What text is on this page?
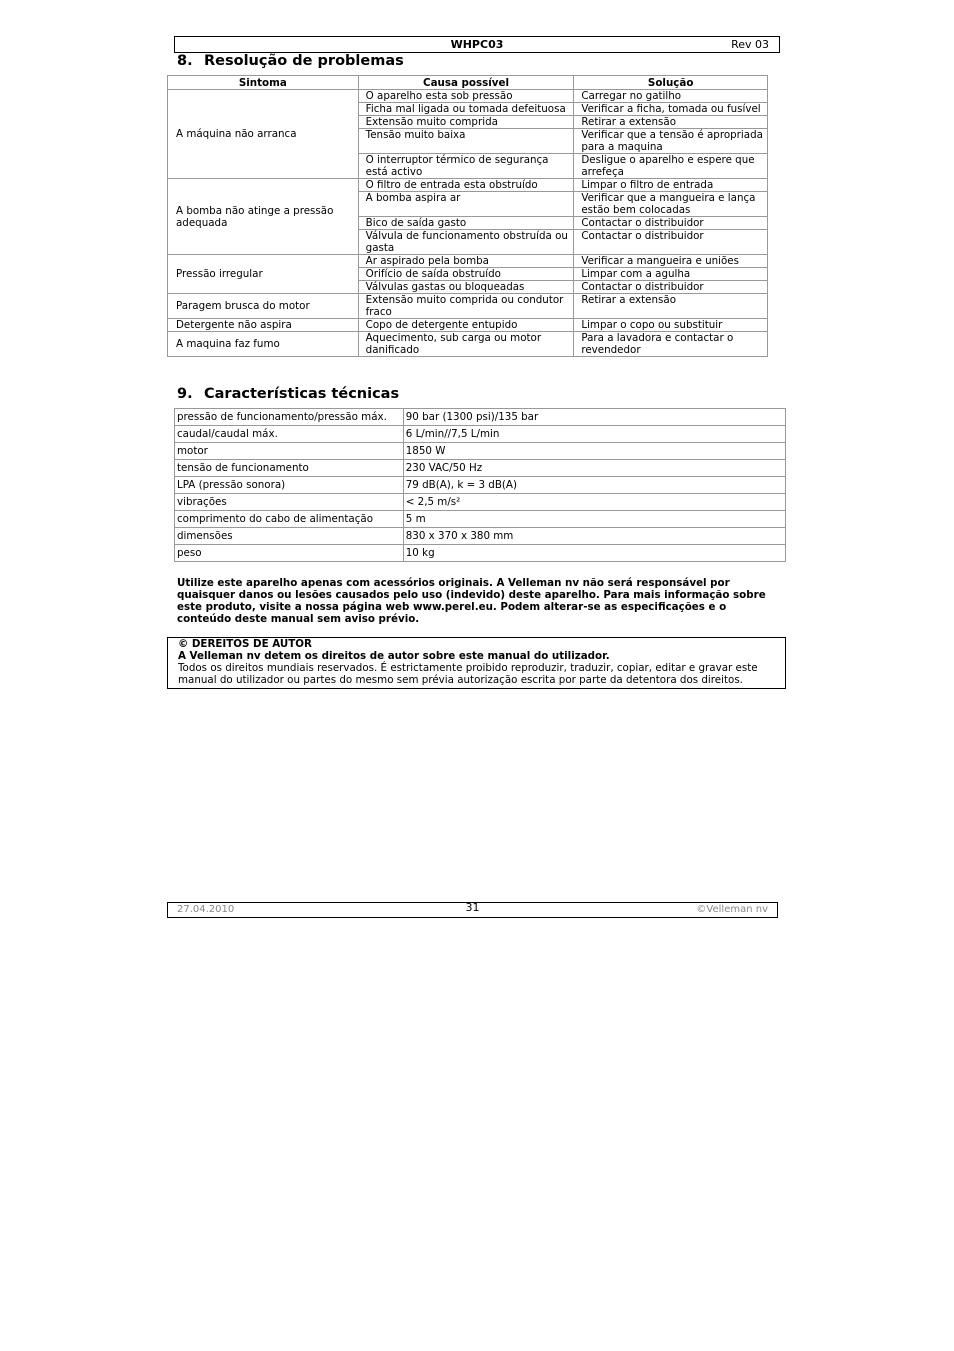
WHPC03	Rev 03
8. Resolução de problemas
Sintoma	Causa possível	Solução
A máquina não arranca	O aparelho esta sob pressão	Carregar no gatilho
	Ficha mal ligada ou tomada defeituosa	Verificar a ficha, tomada ou fusível
	Extensão muito comprida	Retirar a extensão
	Tensão muito baixa	Verificar que a tensão é apropriada para a maquina
	O interruptor térmico de segurança está activo	Desligue o aparelho e espere que arrefeça
A bomba não atinge a pressão adequada	O filtro de entrada esta obstruído	Limpar o filtro de entrada
	A bomba aspira ar	Verificar que a mangueira e lança estão bem colocadas
	Bico de saída gasto	Contactar o distribuidor
	Válvula de funcionamento obstruída ou gasta	Contactar o distribuidor
Pressão irregular	Ar aspirado pela bomba	Verificar a mangueira e uniões
	Orifício de saída obstruído	Limpar com a agulha
	Válvulas gastas ou bloqueadas	Contactar o distribuidor
Paragem brusca do motor	Extensão muito comprida ou condutor fraco	Retirar a extensão
Detergente não aspira	Copo de detergente entupido	Limpar o copo ou substituir
A maquina faz fumo	Aquecimento, sub carga ou motor danificado	Para a lavadora e contactar o revendedor
9. Características técnicas
pressão de funcionamento/pressão máx.	90 bar (1300 psi)/135 bar
caudal/caudal máx.	6 L/min//7,5 L/min
motor	1850 W
tensão de funcionamento	230 VAC/50 Hz
LPA (pressão sonora)	79 dB(A), k = 3 dB(A)
vibrações	< 2,5 m/s²
comprimento do cabo de alimentação	5 m
dimensões	830 x 370 x 380 mm
peso	10 kg

Utilize este aparelho apenas com acessórios originais. A Velleman nv não será responsável por quaisquer danos ou lesões causados pelo uso (indevido) deste aparelho. Para mais informação sobre este produto, visite a nossa página web www.perel.eu. Podem alterar-se as especificações e o conteúdo deste manual sem aviso prévio.

© DEREITOS DE AUTOR
A Velleman nv detem os direitos de autor sobre este manual do utilizador.
Todos os direitos mundiais reservados. É estrictamente proibido reproduzir, traduzir, copiar, editar e gravar este manual do utilizador ou partes do mesmo sem prévia autorização escrita por parte da detentora dos direitos.
27.04.2010	31	©Velleman nv
